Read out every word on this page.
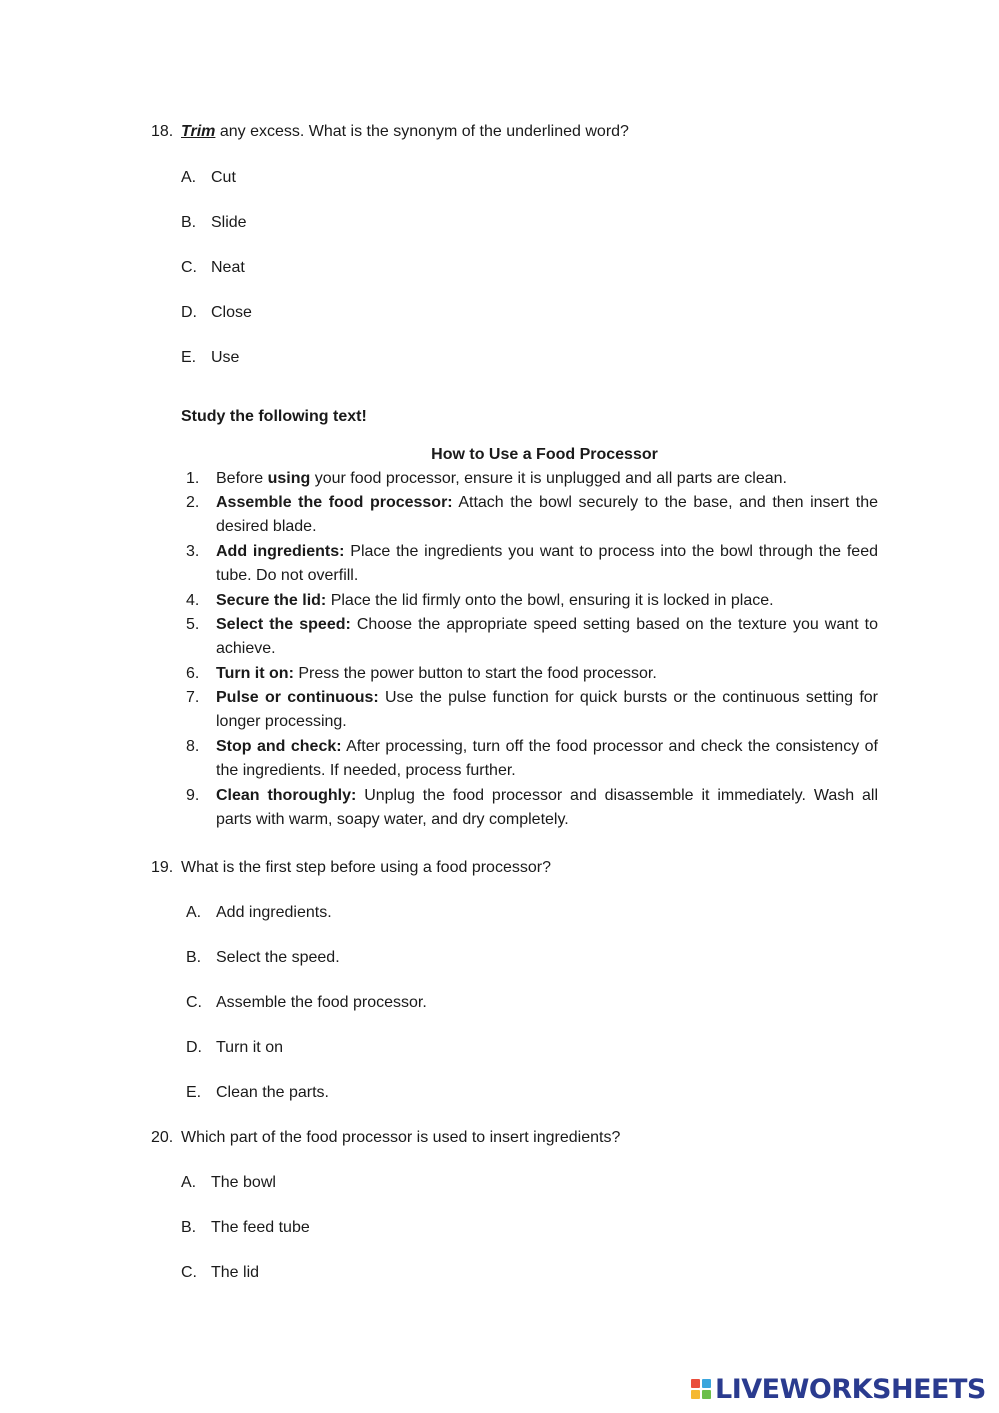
18. Trim any excess. What is the synonym of the underlined word?
A. Cut
B. Slide
C. Neat
D. Close
E. Use
Study the following text!
How to Use a Food Processor
1.	Before using your food processor, ensure it is unplugged and all parts are clean.
2.	Assemble the food processor: Attach the bowl securely to the base, and then insert the desired blade.
3.	Add ingredients: Place the ingredients you want to process into the bowl through the feed tube. Do not overfill.
4.	Secure the lid: Place the lid firmly onto the bowl, ensuring it is locked in place.
5.	Select the speed: Choose the appropriate speed setting based on the texture you want to achieve.
6.	Turn it on: Press the power button to start the food processor.
7.	Pulse or continuous: Use the pulse function for quick bursts or the continuous setting for longer processing.
8.	Stop and check: After processing, turn off the food processor and check the consistency of the ingredients. If needed, process further.
9.	Clean thoroughly: Unplug the food processor and disassemble it immediately. Wash all parts with warm, soapy water, and dry completely.
19. What is the first step before using a food processor?
A. Add ingredients.
B. Select the speed.
C. Assemble the food processor.
D. Turn it on
E. Clean the parts.
20. Which part of the food processor is used to insert ingredients?
A. The bowl
B. The feed tube
C. The lid
LIVEWORKSHEETS
